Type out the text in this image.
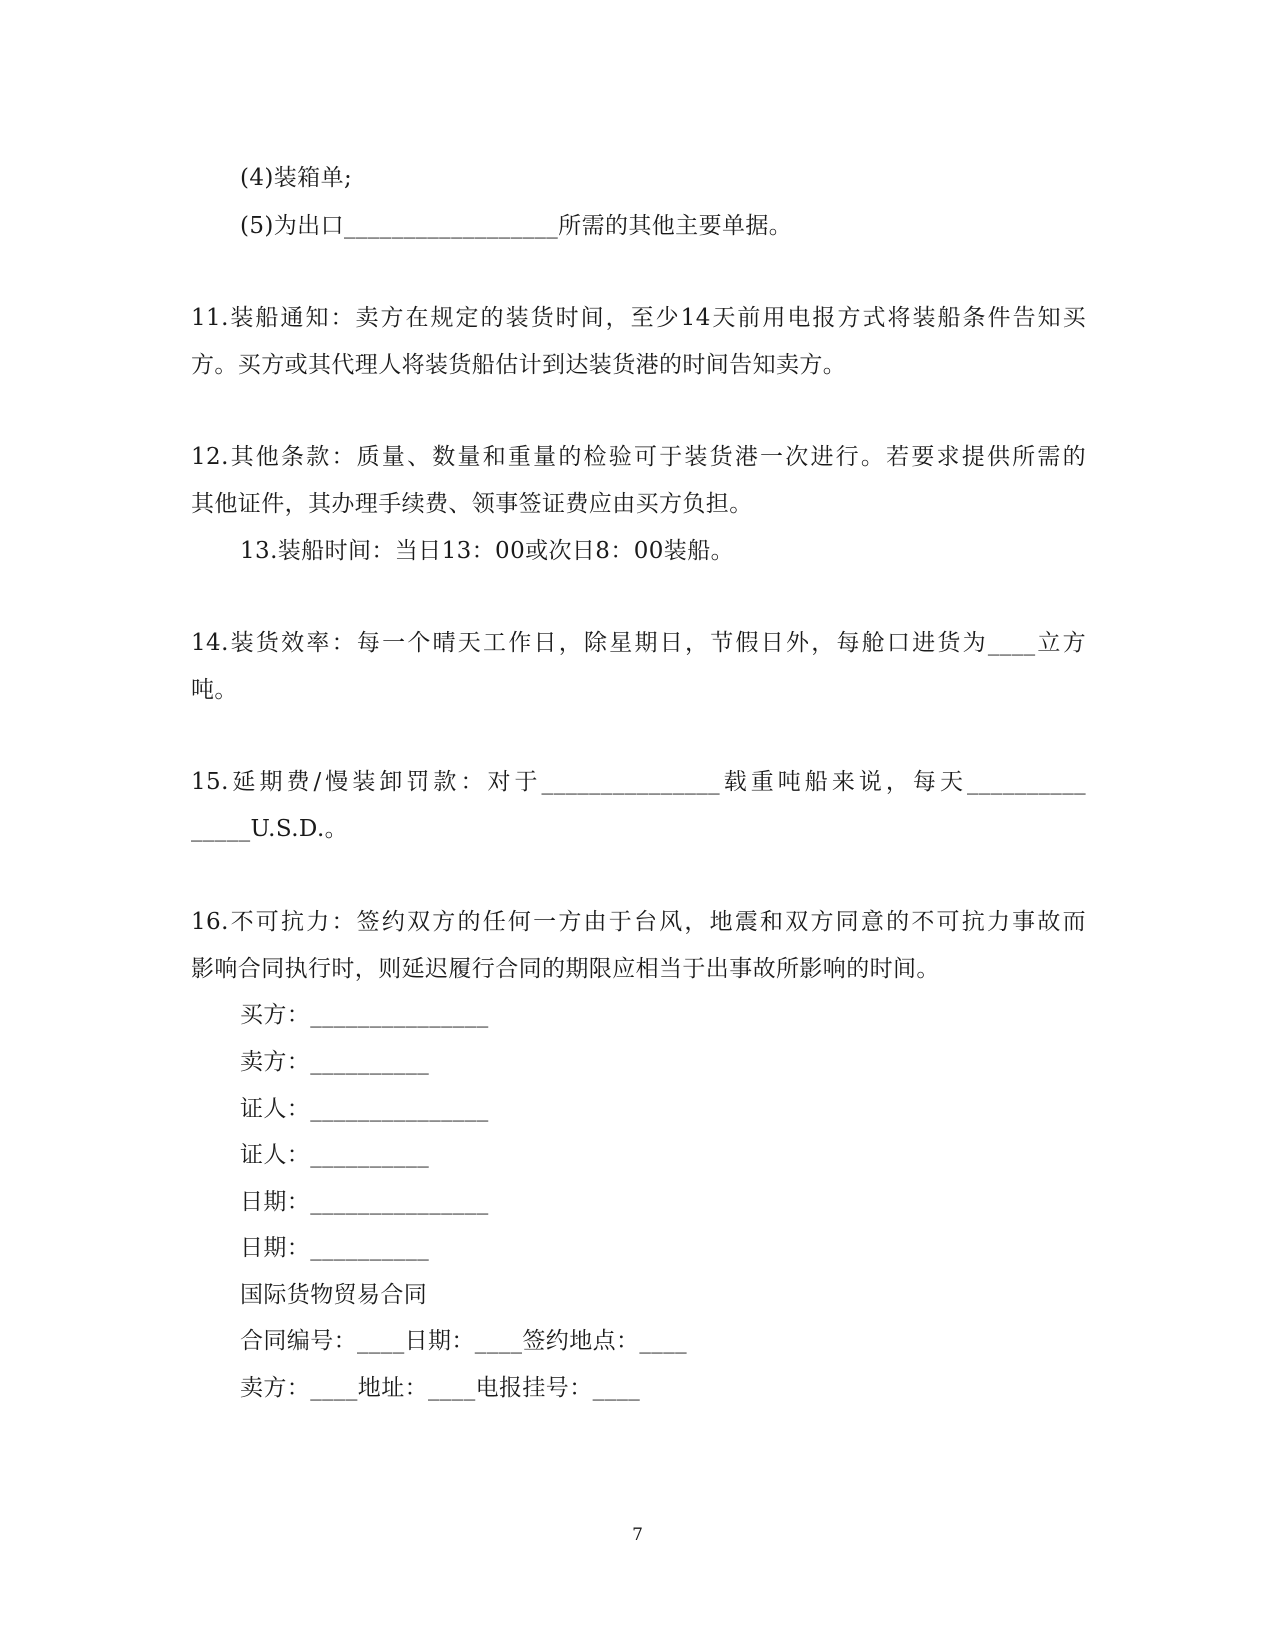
(4)装箱单;
(5)为出口__________________所需的其他主要单据。
11.装船通知：卖方在规定的装货时间，至少14天前用电报方式将装船条件告知买
方。买方或其代理人将装货船估计到达装货港的时间告知卖方。
12.其他条款：质量、数量和重量的检验可于装货港一次进行。若要求提供所需的
其他证件，其办理手续费、领事签证费应由买方负担。
13.装船时间：当日13：00或次日8：00装船。
14.装货效率：每一个晴天工作日，除星期日，节假日外，每舱口进货为____立方
吨。
15.延期费/慢装卸罚款：对于_______________载重吨船来说，每天__________
_____U.S.D.。
16.不可抗力：签约双方的任何一方由于台风，地震和双方同意的不可抗力事故而
影响合同执行时，则延迟履行合同的期限应相当于出事故所影响的时间。
买方：_______________
卖方：__________
证人：_______________
证人：__________
日期：_______________
日期：__________
国际货物贸易合同
合同编号：____日期：____签约地点：____
卖方：____地址：____电报挂号：____
7
